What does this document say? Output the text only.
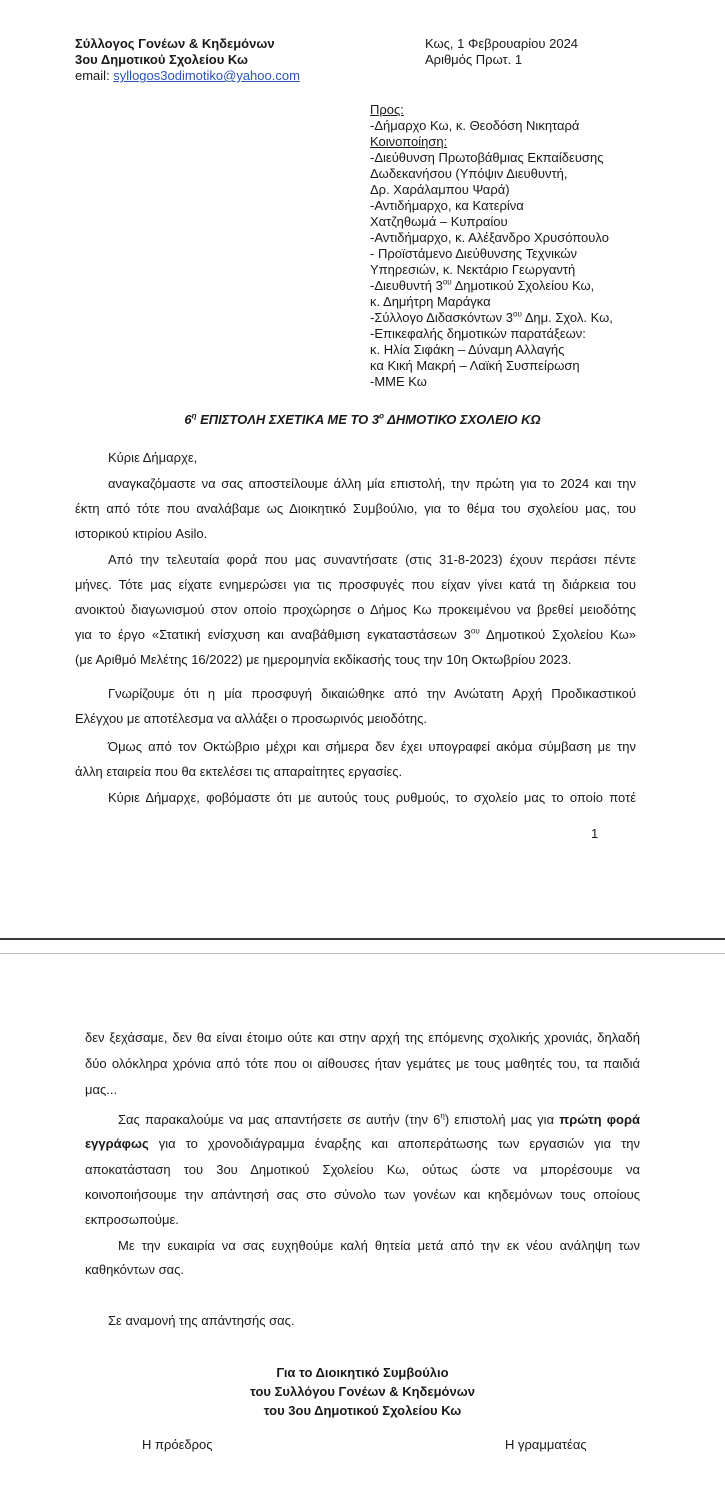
Σύλλογος Γονέων & Κηδεμόνων
3ου Δημοτικού Σχολείου Κω
email: syllogos3odimotiko@yahoo.com
Κως, 1 Φεβρουαρίου 2024
Αριθμός Πρωτ. 1
Προς:
-Δήμαρχο Κω, κ. Θεοδόση Νικηταρά
Κοινοποίηση:
-Διεύθυνση Πρωτοβάθμιας Εκπαίδευσης
Δωδεκανήσου (Υπόψιν Διευθυντή,
Δρ. Χαράλαμπου Ψαρά)
-Αντιδήμαρχο, κα Κατερίνα
Χατζηθωμά – Κυπραίου
-Αντιδήμαρχο, κ. Αλέξανδρο Χρυσόπουλο
- Προϊστάμενο Διεύθυνσης Τεχνικών
Υπηρεσιών, κ. Νεκτάριο Γεωργαντή
-Διευθυντή $3^{o\upsilon}$ Δημοτικού Σχολείου Κω,
κ. Δημήτρη Μαράγκα
-Σύλλογο Διδασκόντων $3^{o\upsilon}$ Δημ. Σχολ. Κω,
-Επικεφαλής δημοτικών παρατάξεων:
κ. Ηλία Σιφάκη – Δύναμη Αλλαγής
κα Κική Μακρή – Λαϊκή Συσπείρωση
-ΜΜΕ Κω
$6^\eta$ ΕΠΙΣΤΟΛΗ ΣΧΕΤΙΚΑ ΜΕ ΤΟ $3^o$ ΔΗΜΟΤΙΚΟ ΣΧΟΛΕΙΟ ΚΩ
Κύριε Δήμαρχε,
αναγκαζόμαστε να σας αποστείλουμε άλλη μία επιστολή, την πρώτη για το 2024 και την
έκτη από τότε που αναλάβαμε ως Διοικητικό Συμβούλιο, για το θέμα του σχολείου μας, του
ιστορικού κτιρίου Asilo.
Από την τελευταία φορά που μας συναντήσατε (στις 31-8-2023) έχουν περάσει πέντε
μήνες. Τότε μας είχατε ενημερώσει για τις προσφυγές που είχαν γίνει κατά τη διάρκεια του
ανοικτού διαγωνισμού στον οποίο προχώρησε ο Δήμος Κω προκειμένου να βρεθεί μειοδότης
για το έργο «Στατική ενίσχυση και αναβάθμιση εγκαταστάσεων $3^{o\upsilon}$ Δημοτικού Σχολείου Κω»
(με Αριθμό Μελέτης 16/2022) με ημερομηνία εκδίκασής τους την 10η Οκτωβρίου 2023.
Γνωρίζουμε ότι η μία προσφυγή δικαιώθηκε από την Ανώτατη Αρχή Προδικαστικού
Ελέγχου με αποτέλεσμα να αλλάξει ο προσωρινός μειοδότης.
Όμως από τον Οκτώβριο μέχρι και σήμερα δεν έχει υπογραφεί ακόμα σύμβαση με την
άλλη εταιρεία που θα εκτελέσει τις απαραίτητες εργασίες.
Κύριε Δήμαρχε, φοβόμαστε ότι με αυτούς τους ρυθμούς, το σχολείο μας το οποίο ποτέ
1
δεν ξεχάσαμε, δεν θα είναι έτοιμο ούτε και στην αρχή της επόμενης σχολικής χρονιάς, δηλαδή
δύο ολόκληρα χρόνια από τότε που οι αίθουσες ήταν γεμάτες με τους μαθητές του, τα παιδιά
μας...
Σας παρακαλούμε να μας απαντήσετε σε αυτήν (την $6^\eta$) επιστολή μας για πρώτη φορά
εγγράφως για το χρονοδιάγραμμα έναρξης και αποπεράτωσης των εργασιών για την
αποκατάσταση του 3ου Δημοτικού Σχολείου Κω, ούτως ώστε να μπορέσουμε να
κοινοποιήσουμε την απάντησή σας στο σύνολο των γονέων και κηδεμόνων τους οποίους
εκπροσωπούμε.
Με την ευκαιρία να σας ευχηθούμε καλή θητεία μετά από την εκ νέου ανάληψη των
καθηκόντων σας.
Σε αναμονή της απάντησής σας.
Για το Διοικητικό Συμβούλιο
του Συλλόγου Γονέων & Κηδεμόνων
του 3ου Δημοτικού Σχολείου Κω
Η πρόεδρος	Η γραμματέας
